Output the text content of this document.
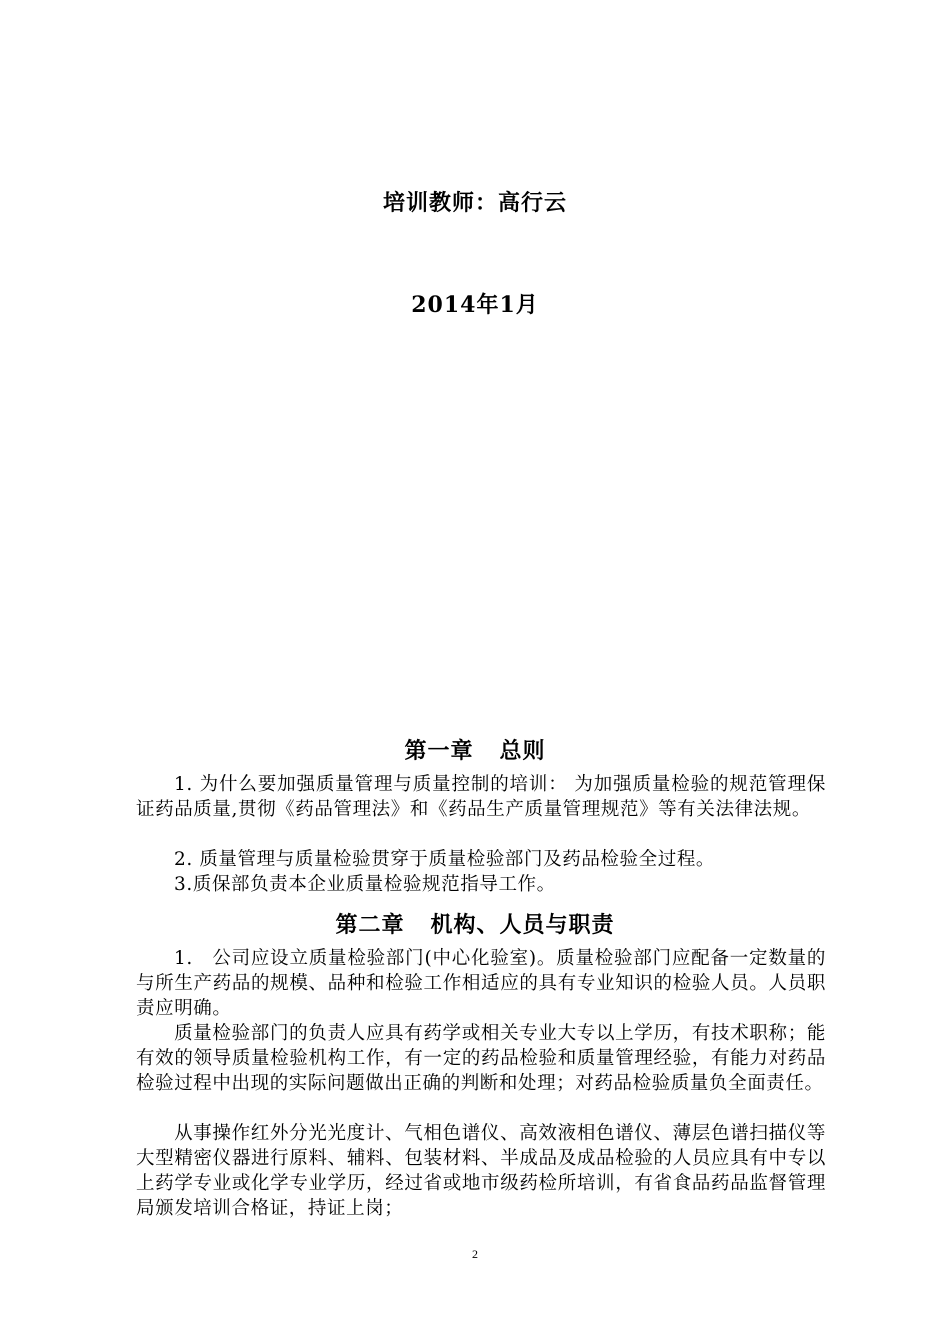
培训教师：高行云
2014年1月
第一章 总则

1. 为什么要加强质量管理与质量控制的培训： 为加强质量检验的规范管理保证药品质量,贯彻《药品管理法》和《药品生产质量管理规范》等有关法律法规。

2. 质量管理与质量检验贯穿于质量检验部门及药品检验全过程。

3.质保部负责本企业质量检验规范指导工作。

第二章 机构、人员与职责

1.　公司应设立质量检验部门(中心化验室)。质量检验部门应配备一定数量的与所生产药品的规模、品种和检验工作相适应的具有专业知识的检验人员。人员职责应明确。

质量检验部门的负责人应具有药学或相关专业大专以上学历，有技术职称；能有效的领导质量检验机构工作，有一定的药品检验和质量管理经验，有能力对药品检验过程中出现的实际问题做出正确的判断和处理；对药品检验质量负全面责任。

从事操作红外分光光度计、气相色谱仪、高效液相色谱仪、薄层色谱扫描仪等大型精密仪器进行原料、辅料、包装材料、半成品及成品检验的人员应具有中专以上药学专业或化学专业学历，经过省或地市级药检所培训，有省食品药品监督管理局颁发培训合格证，持证上岗；

2
